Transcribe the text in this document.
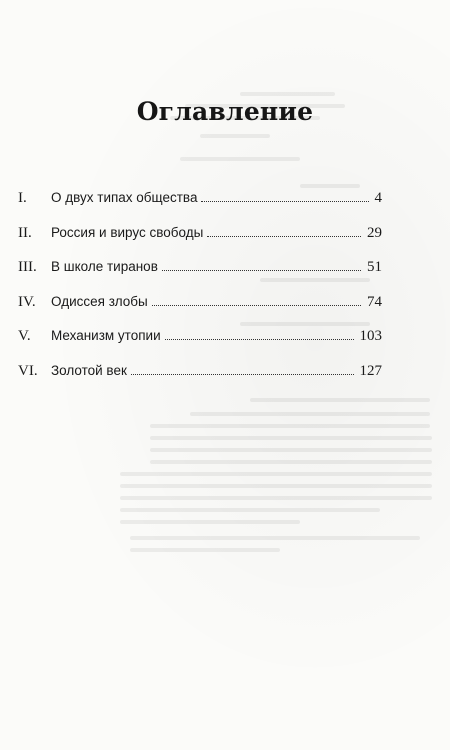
Оглавление
I.	О двух типах общества	4
II.	Россия и вирус свободы	29
III.	В школе тиранов	51
IV.	Одиссея злобы	74
V.	Механизм утопии	103
VI. Золотой век	127
